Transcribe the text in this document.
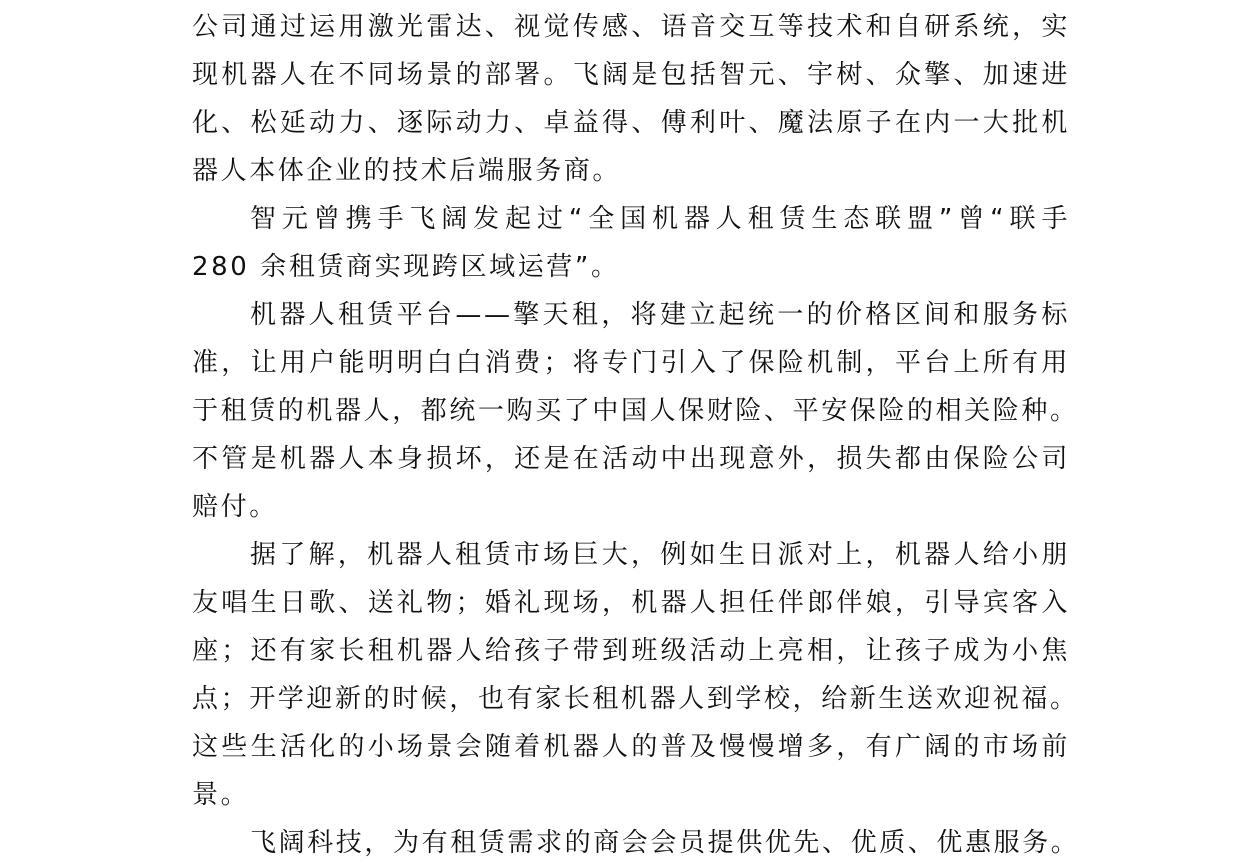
公司通过运用激光雷达、视觉传感、语音交互等技术和自研系统，实
现机器人在不同场景的部署。飞阔是包括智元、宇树、众擎、加速进
化、松延动力、逐际动力、卓益得、傅利叶、魔法原子在内一大批机
器人本体企业的技术后端服务商。
智元曾携手飞阔发起过“全国机器人租赁生态联盟”曾“联手
280 余租赁商实现跨区域运营”。
机器人租赁平台——擎天租，将建立起统一的价格区间和服务标
准，让用户能明明白白消费；将专门引入了保险机制，平台上所有用
于租赁的机器人，都统一购买了中国人保财险、平安保险的相关险种。
不管是机器人本身损坏，还是在活动中出现意外，损失都由保险公司
赔付。
据了解，机器人租赁市场巨大，例如生日派对上，机器人给小朋
友唱生日歌、送礼物；婚礼现场，机器人担任伴郎伴娘，引导宾客入
座；还有家长租机器人给孩子带到班级活动上亮相，让孩子成为小焦
点；开学迎新的时候，也有家长租机器人到学校，给新生送欢迎祝福。
这些生活化的小场景会随着机器人的普及慢慢增多，有广阔的市场前
景。
飞阔科技，为有租赁需求的商会会员提供优先、优质、优惠服务。
